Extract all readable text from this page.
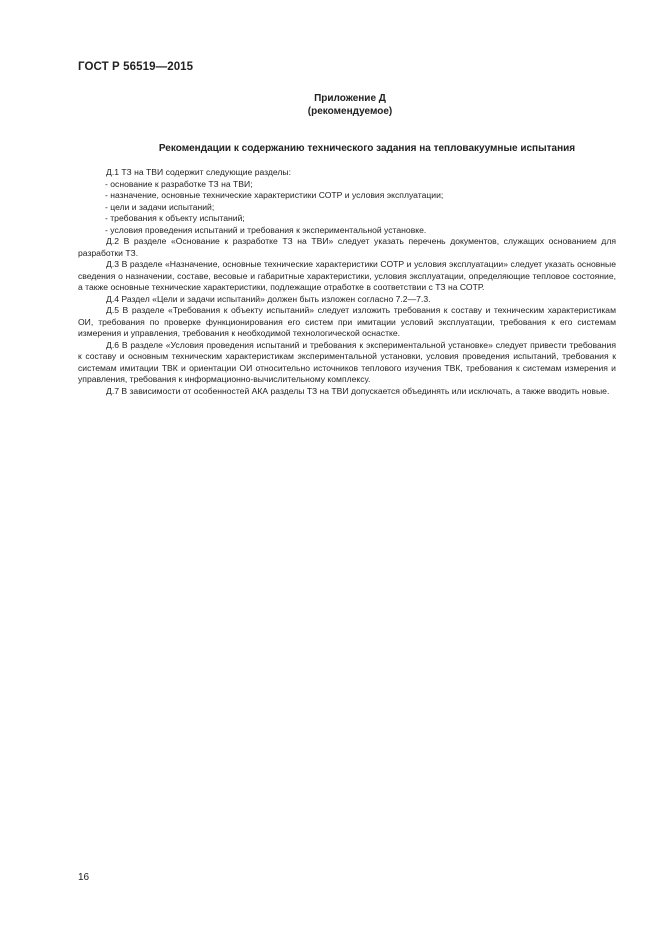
ГОСТ Р 56519—2015
Приложение Д
(рекомендуемое)
Рекомендации к содержанию технического задания на тепловакуумные испытания

Д.1 ТЗ на ТВИ содержит следующие разделы:

- основание к разработке ТЗ на ТВИ;

- назначение, основные технические характеристики СОТР и условия эксплуатации;

- цели и задачи испытаний;

- требования к объекту испытаний;

- условия проведения испытаний и требования к экспериментальной установке.

Д.2 В разделе «Основание к разработке ТЗ на ТВИ» следует указать перечень документов, служащих основанием для разработки ТЗ.

Д.3 В разделе «Назначение, основные технические характеристики СОТР и условия эксплуатации» следует указать основные сведения о назначении, составе, весовые и габаритные характеристики, условия эксплуатации, определяющие тепловое состояние, а также основные технические характеристики, подлежащие отработке в соответствии с ТЗ на СОТР.

Д.4 Раздел «Цели и задачи испытаний» должен быть изложен согласно 7.2—7.3.

Д.5 В разделе «Требования к объекту испытаний» следует изложить требования к составу и техническим характеристикам ОИ, требования по проверке функционирования его систем при имитации условий эксплуатации, требования к его системам измерения и управления, требования к необходимой технологической оснастке.

Д.6 В разделе «Условия проведения испытаний и требования к экспериментальной установке» следует привести требования к составу и основным техническим характеристикам экспериментальной установки, условия проведения испытаний, требования к системам имитации ТВК и ориентации ОИ относительно источников теплового изучения ТВК, требования к системам измерения и управления, требования к информационно-вычислительному комплексу.

Д.7 В зависимости от особенностей АКА разделы ТЗ на ТВИ допускается объединять или исключать, а также вводить новые.

16
